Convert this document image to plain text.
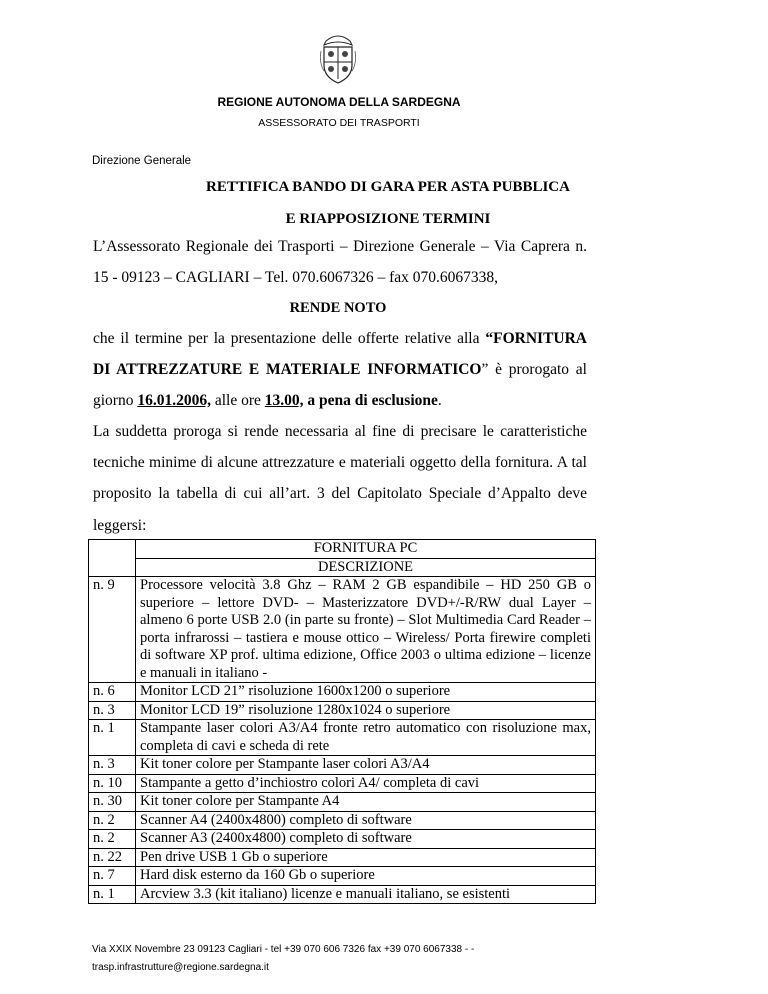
REGIONE AUTONOMA DELLA SARDEGNA
ASSESSORATO DEI TRASPORTI
Direzione Generale
RETTIFICA BANDO DI GARA PER ASTA PUBBLICA
E RIAPPOSIZIONE TERMINI
L’Assessorato Regionale dei Trasporti – Direzione Generale – Via Caprera n.
15 - 09123 – CAGLIARI – Tel. 070.6067326 – fax 070.6067338,
RENDE NOTO
che il termine per la presentazione delle offerte relative alla “FORNITURA
DI ATTREZZATURE E MATERIALE INFORMATICO” è prorogato al
giorno 16.01.2006, alle ore 13.00, a pena di esclusione.
La suddetta proroga si rende necessaria al fine di precisare le caratteristiche
tecniche minime di alcune attrezzature e materiali oggetto della fornitura. A tal
proposito la tabella di cui all’art. 3 del Capitolato Speciale d’Appalto deve
leggersi:
	FORNITURA PC
	DESCRIZIONE
n. 9	Processore velocità 3.8 Ghz – RAM 2 GB espandibile – HD 250 GB o superiore – lettore DVD- – Masterizzatore DVD+/-R/RW dual Layer – almeno 6 porte USB 2.0 (in parte su fronte) – Slot Multimedia Card Reader – porta infrarossi – tastiera e mouse ottico – Wireless/ Porta firewire completi di software XP prof. ultima edizione, Office 2003 o ultima edizione – licenze e manuali in italiano -
n. 6	Monitor LCD 21” risoluzione 1600x1200 o superiore
n. 3	Monitor LCD 19” risoluzione 1280x1024 o superiore
n. 1	Stampante laser colori A3/A4 fronte retro automatico con risoluzione max, completa di cavi e scheda di rete
n. 3	Kit toner colore per Stampante laser colori A3/A4
n. 10	Stampante a getto d’inchiostro colori A4/ completa di cavi
n. 30	Kit toner colore per Stampante A4
n. 2	Scanner A4 (2400x4800) completo di software
n. 2	Scanner A3 (2400x4800) completo di software
n. 22	Pen drive USB 1 Gb o superiore
n. 7	Hard disk esterno da 160 Gb o superiore
n. 1	Arcview 3.3 (kit italiano) licenze e manuali italiano, se esistenti
Via XXIX Novembre 23 09123 Cagliari - tel +39 070 606 7326 fax +39 070 6067338 - -
trasp.infrastrutture@regione.sardegna.it
